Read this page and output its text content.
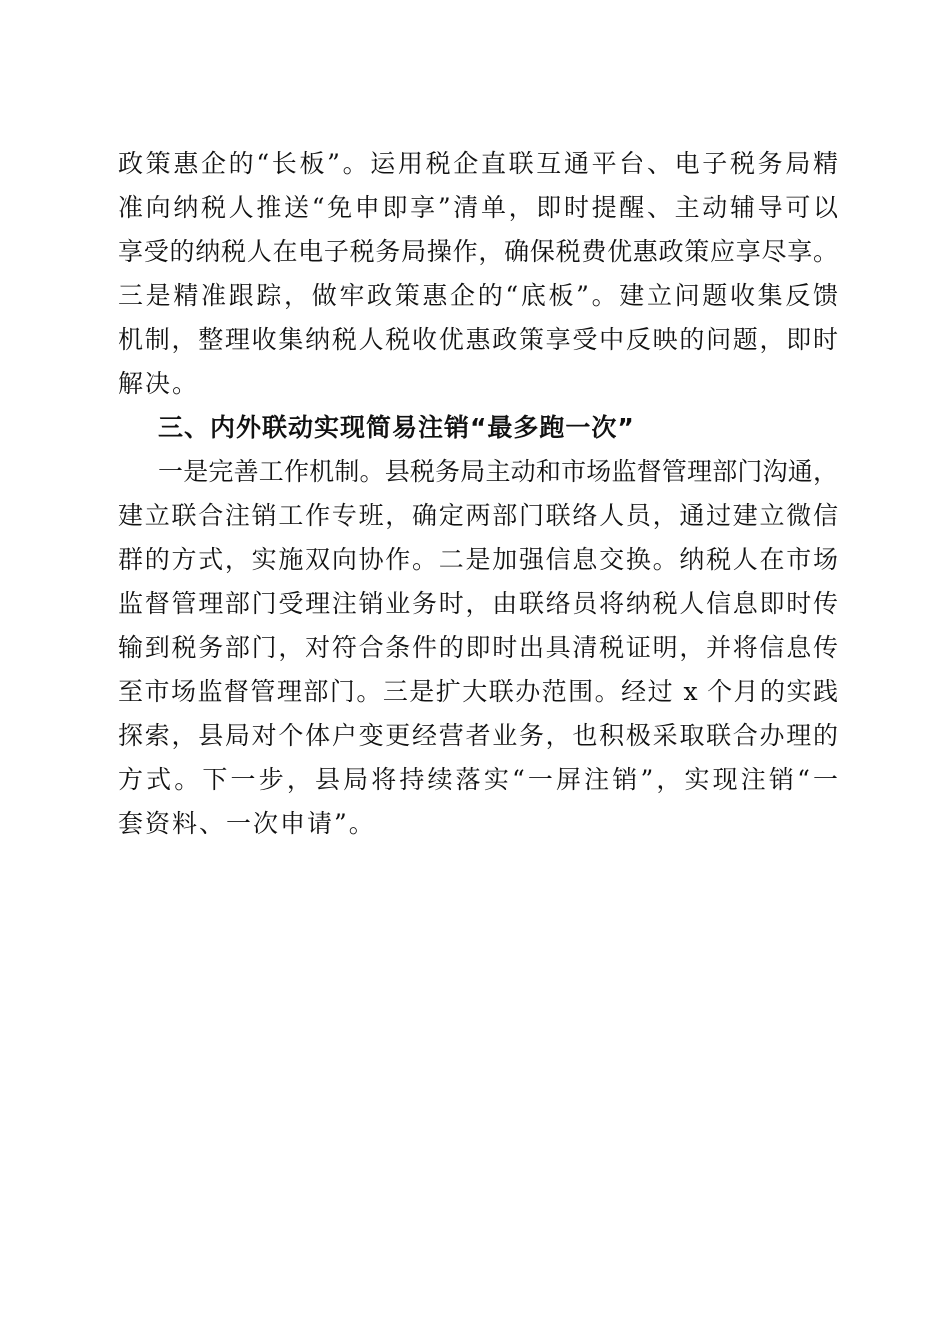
政策惠企的“长板”。运用税企直联互通平台、电子税务局精
准向纳税人推送“免申即享”清单，即时提醒、主动辅导可以
享受的纳税人在电子税务局操作，确保税费优惠政策应享尽享。
三是精准跟踪，做牢政策惠企的“底板”。建立问题收集反馈
机制，整理收集纳税人税收优惠政策享受中反映的问题，即时
解决。
三、内外联动实现简易注销“最多跑一次”
一是完善工作机制。县税务局主动和市场监督管理部门沟通，
建立联合注销工作专班，确定两部门联络人员，通过建立微信
群的方式，实施双向协作。二是加强信息交换。纳税人在市场
监督管理部门受理注销业务时，由联络员将纳税人信息即时传
输到税务部门，对符合条件的即时出具清税证明，并将信息传
至市场监督管理部门。三是扩大联办范围。经过 x 个月的实践
探索，县局对个体户变更经营者业务，也积极采取联合办理的
方式。下一步，县局将持续落实“一屏注销”，实现注销“一
套资料、一次申请”。
